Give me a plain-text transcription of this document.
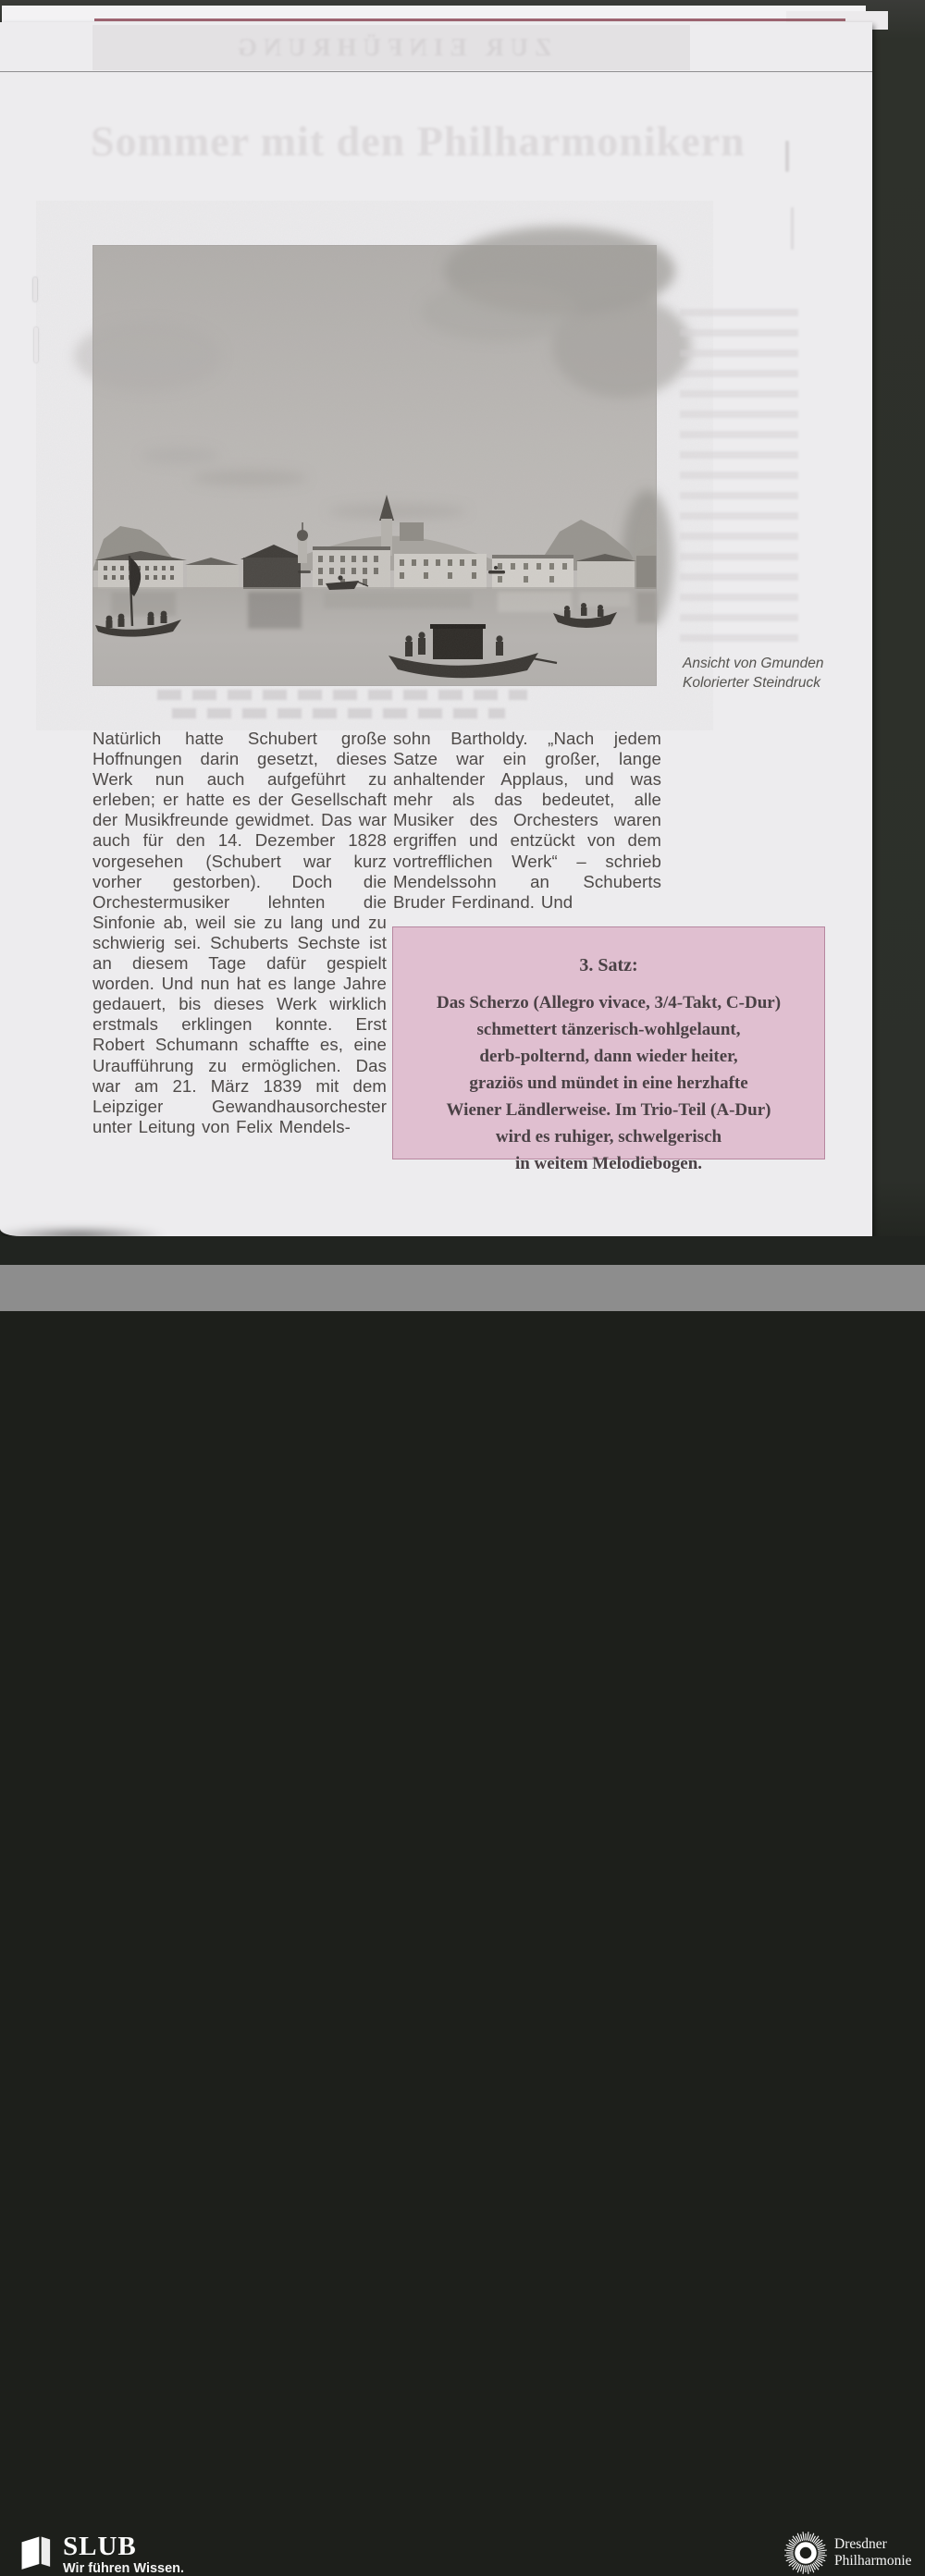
ZUR EINFÜHRUNG
Sommer mit den Philharmonikern
Ansicht von Gmunden
Kolorierter Steindruck
Natürlich hatte Schubert große Hoffnungen darin gesetzt, dieses Werk nun auch aufgeführt zu erleben; er hatte es der Gesellschaft der Musikfreunde gewidmet. Das war auch für den 14. Dezember 1828 vorgesehen (Schubert war kurz vorher gestorben). Doch die Orchestermusiker lehnten die Sinfonie ab, weil sie zu lang und zu schwierig sei. Schuberts Sechste ist an diesem Tage dafür gespielt worden. Und nun hat es lange Jahre gedauert, bis dieses Werk wirklich erstmals erklingen konnte. Erst Robert Schumann schaffte es, eine Uraufführung zu ermöglichen. Das war am 21. März 1839 mit dem Leipziger Gewandhausorchester unter Leitung von Felix Mendels-
sohn Bartholdy. „Nach jedem Satze war ein großer, lange anhaltender Applaus, und was mehr als das bedeutet, alle Musiker des Orchesters waren ergriffen und entzückt von dem vortrefflichen Werk“ – schrieb Mendelssohn an Schuberts Bruder Ferdinand. Und
3. Satz:
Das Scherzo (Allegro vivace, 3/4-Takt, C-Dur)
schmettert tänzerisch-wohlgelaunt,
derb-polternd, dann wieder heiter,
graziös und mündet in eine herzhafte
Wiener Ländlerweise. Im Trio-Teil (A-Dur)
wird es ruhiger, schwelgerisch
in weitem Melodiebogen.
SLUB
Wir führen Wissen.
Dresdner
Philharmonie
